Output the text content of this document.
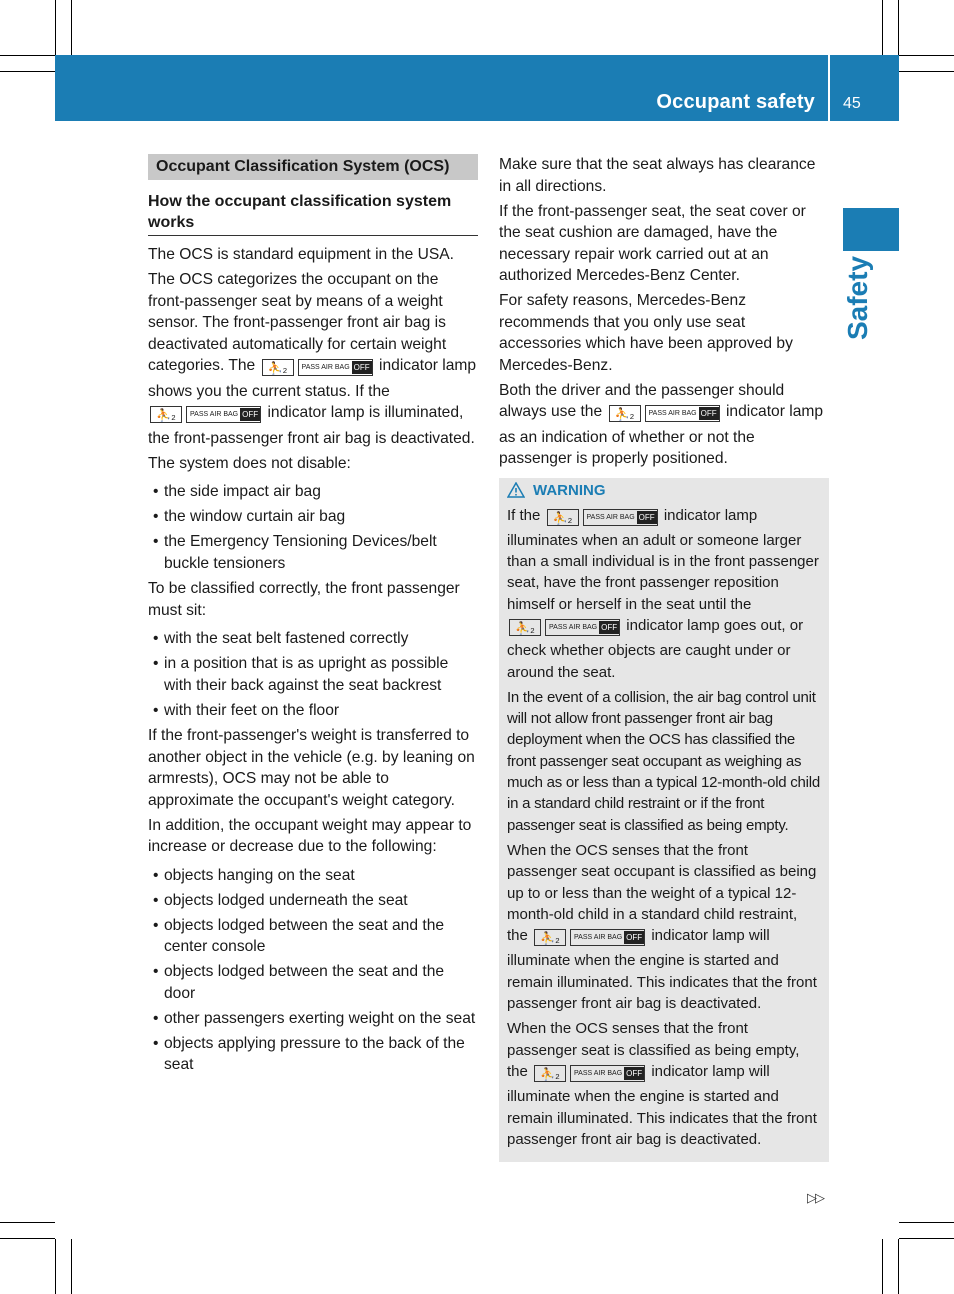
Occupant safety 45
Safety
Occupant Classification System (OCS)
How the occupant classification system works

The OCS is standard equipment in the USA.

The OCS categorizes the occupant on the front-passenger seat by means of a weight sensor. The front-passenger front air bag is deactivated automatically for certain weight categories. The ⛹₂ PASS AIR BAG OFF indicator lamp shows you the current status. If the ⛹₂ PASS AIR BAG OFF indicator lamp is illuminated, the front-passenger front air bag is deactivated.

The system does not disable:

• the side impact air bag
• the window curtain air bag
• the Emergency Tensioning Devices/belt buckle tensioners

To be classified correctly, the front passenger must sit:

• with the seat belt fastened correctly
• in a position that is as upright as possible with their back against the seat backrest
• with their feet on the floor

If the front-passenger's weight is transferred to another object in the vehicle (e.g. by leaning on armrests), OCS may not be able to approximate the occupant's weight category.

In addition, the occupant weight may appear to increase or decrease due to the following:

• objects hanging on the seat
• objects lodged underneath the seat
• objects lodged between the seat and the center console
• objects lodged between the seat and the door
• other passengers exerting weight on the seat
• objects applying pressure to the back of the seat

Make sure that the seat always has clearance in all directions.

If the front-passenger seat, the seat cover or the seat cushion are damaged, have the necessary repair work carried out at an authorized Mercedes-Benz Center.

For safety reasons, Mercedes-Benz recommends that you only use seat accessories which have been approved by Mercedes-Benz.

Both the driver and the passenger should always use the ⛹₂ PASS AIR BAG OFF indicator lamp as an indication of whether or not the passenger is properly positioned.

WARNING

If the ⛹₂ PASS AIR BAG OFF indicator lamp illuminates when an adult or someone larger than a small individual is in the front passenger seat, have the front passenger reposition himself or herself in the seat until the ⛹₂ PASS AIR BAG OFF indicator lamp goes out, or check whether objects are caught under or around the seat.

In the event of a collision, the air bag control unit will not allow front passenger front air bag deployment when the OCS has classified the front passenger seat occupant as weighing as much as or less than a typical 12-month-old child in a standard child restraint or if the front passenger seat is classified as being empty.

When the OCS senses that the front passenger seat occupant is classified as being up to or less than the weight of a typical 12-month-old child in a standard child restraint, the ⛹₂ PASS AIR BAG OFF indicator lamp will illuminate when the engine is started and remain illuminated. This indicates that the front passenger front air bag is deactivated.

When the OCS senses that the front passenger seat is classified as being empty, the ⛹₂ PASS AIR BAG OFF indicator lamp will illuminate when the engine is started and remain illuminated. This indicates that the front passenger front air bag is deactivated.

▷▷
